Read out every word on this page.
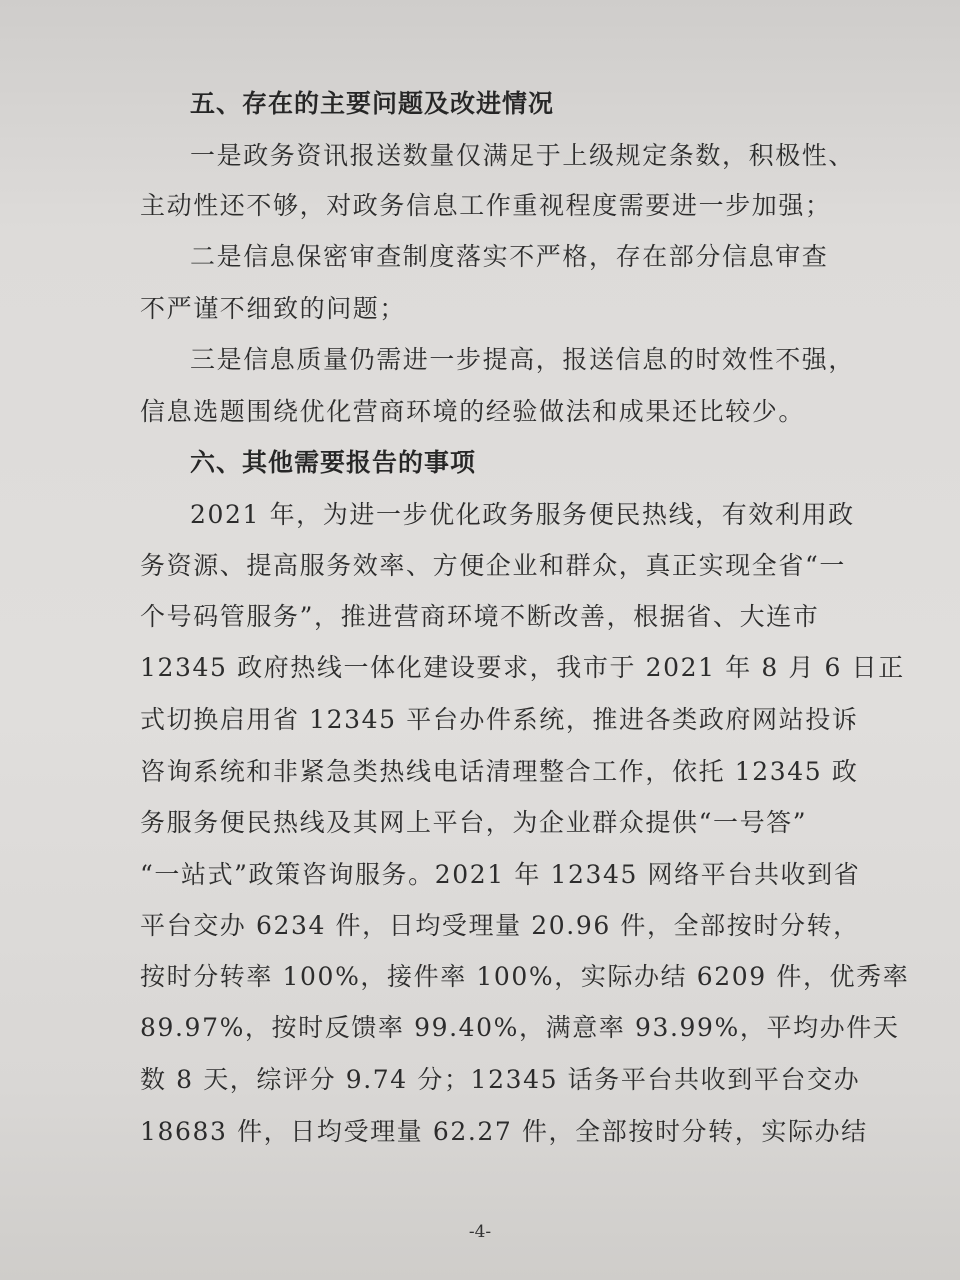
五、存在的主要问题及改进情况
一是政务资讯报送数量仅满足于上级规定条数，积极性、
主动性还不够，对政务信息工作重视程度需要进一步加强；
二是信息保密审查制度落实不严格，存在部分信息审查
不严谨不细致的问题；
三是信息质量仍需进一步提高，报送信息的时效性不强，
信息选题围绕优化营商环境的经验做法和成果还比较少。
六、其他需要报告的事项
2021 年，为进一步优化政务服务便民热线，有效利用政
务资源、提高服务效率、方便企业和群众，真正实现全省“一
个号码管服务”，推进营商环境不断改善，根据省、大连市
12345 政府热线一体化建设要求，我市于 2021 年 8 月 6 日正
式切换启用省 12345 平台办件系统，推进各类政府网站投诉
咨询系统和非紧急类热线电话清理整合工作，依托 12345 政
务服务便民热线及其网上平台，为企业群众提供“一号答”
“一站式”政策咨询服务。2021 年 12345 网络平台共收到省
平台交办 6234 件，日均受理量 20.96 件，全部按时分转，
按时分转率 100%，接件率 100%，实际办结 6209 件，优秀率
89.97%，按时反馈率 99.40%，满意率 93.99%，平均办件天
数 8 天，综评分 9.74 分；12345 话务平台共收到平台交办
18683 件，日均受理量 62.27 件，全部按时分转，实际办结
-4-
